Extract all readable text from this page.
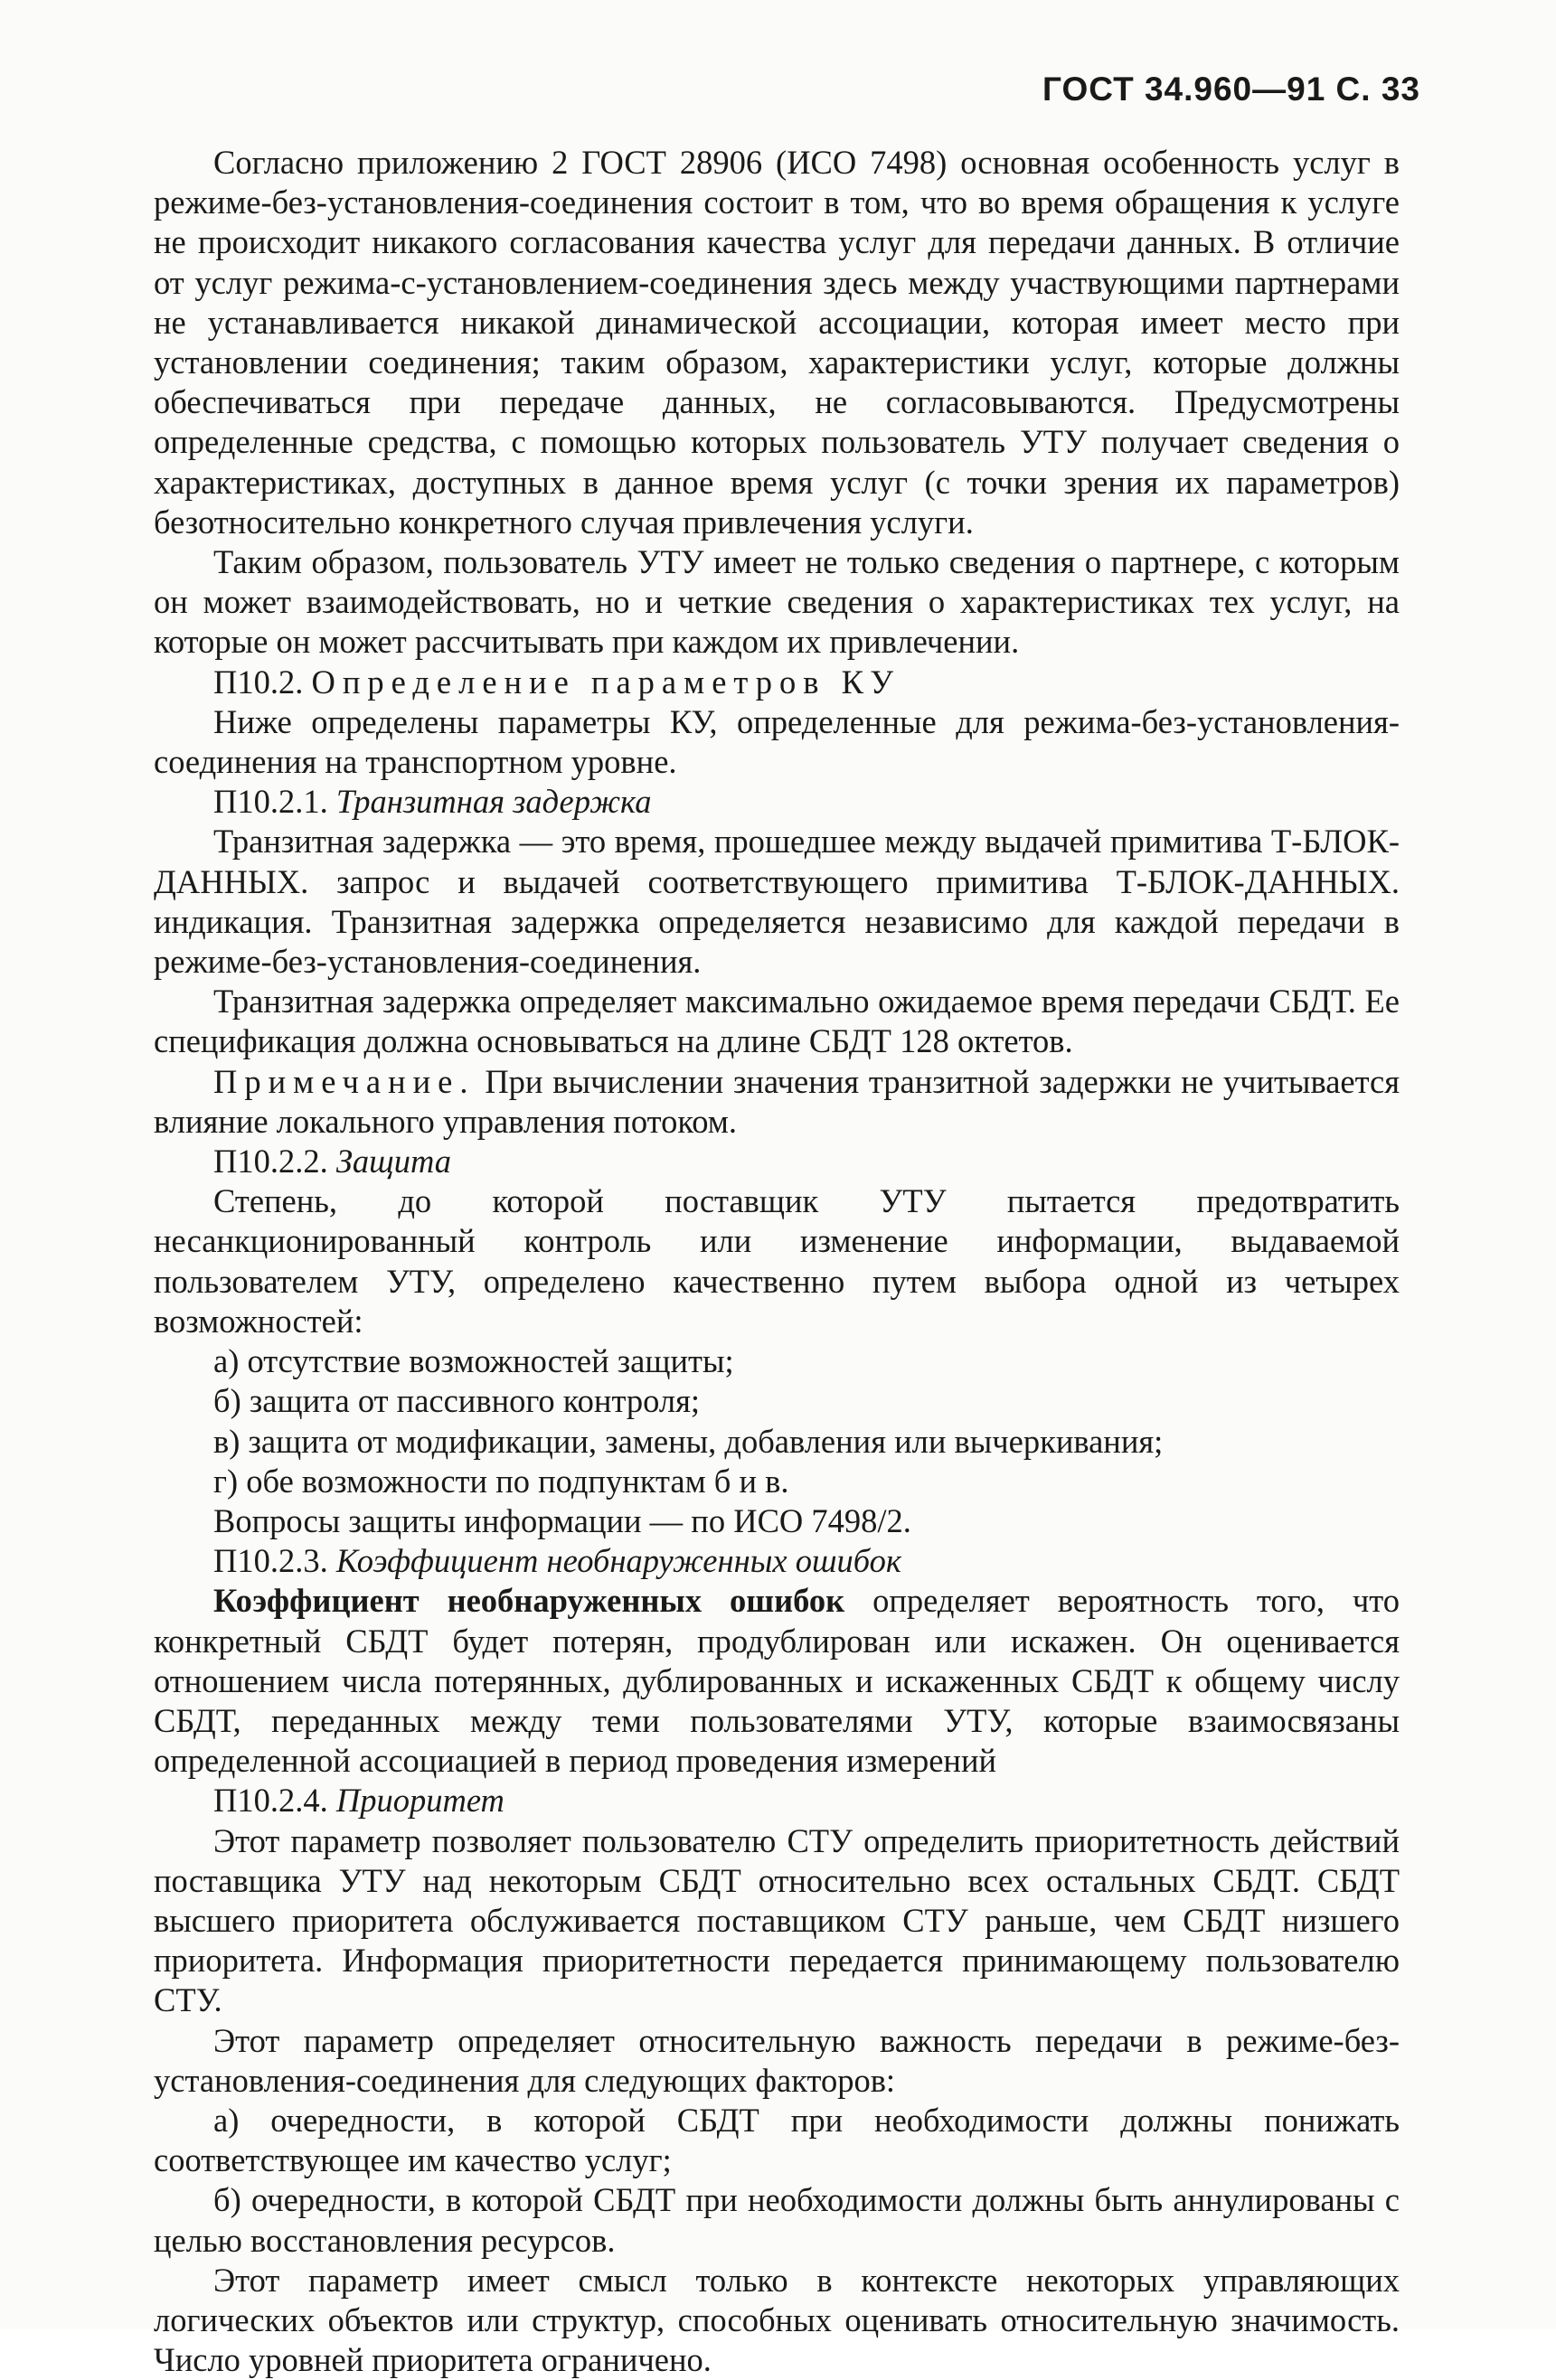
ГОСТ 34.960—91 С. 33

Согласно приложению 2 ГОСТ 28906 (ИСО 7498) основная особенность услуг в режиме-без-установления-соединения состоит в том, что во время обращения к услуге не происходит никакого согласования качества услуг для передачи данных. В отличие от услуг режима-с-установлением-соединения здесь между участвующими партнерами не устанавливается никакой динамической ассоциации, которая имеет место при установлении соединения; таким образом, характеристики услуг, которые должны обеспечиваться при передаче данных, не согласовываются. Предусмотрены определенные средства, с помощью которых пользователь УТУ получает сведения о характеристиках, доступных в данное время услуг (с точки зрения их параметров) безотносительно конкретного случая привлечения услуги.

Таким образом, пользователь УТУ имеет не только сведения о партнере, с которым он может взаимодействовать, но и четкие сведения о характеристиках тех услуг, на которые он может рассчитывать при каждом их привлечении.

П10.2. Определение параметров КУ

Ниже определены параметры КУ, определенные для режима-без-установления-соединения на транспортном уровне.

П10.2.1. Транзитная задержка

Транзитная задержка — это время, прошедшее между выдачей примитива Т-БЛОК-ДАННЫХ. запрос и выдачей соответствующего примитива Т-БЛОК-ДАННЫХ. индикация. Транзитная задержка определяется независимо для каждой передачи в режиме-без-установления-соединения.

Транзитная задержка определяет максимально ожидаемое время передачи СБДТ. Ее спецификация должна основываться на длине СБДТ 128 октетов.

Примечание. При вычислении значения транзитной задержки не учитывается влияние локального управления потоком.

П10.2.2. Защита

Степень, до которой поставщик УТУ пытается предотвратить несанкционированный контроль или изменение информации, выдаваемой пользователем УТУ, определено качественно путем выбора одной из четырех возможностей:

а) отсутствие возможностей защиты;

б) защита от пассивного контроля;

в) защита от модификации, замены, добавления или вычеркивания;

г) обе возможности по подпунктам б и в.

Вопросы защиты информации — по ИСО 7498/2.

П10.2.3. Коэффициент необнаруженных ошибок

Коэффициент необнаруженных ошибок определяет вероятность того, что конкретный СБДТ будет потерян, продублирован или искажен. Он оценивается отношением числа потерянных, дублированных и искаженных СБДТ к общему числу СБДТ, переданных между теми пользователями УТУ, которые взаимосвязаны определенной ассоциацией в период проведения измерений

П10.2.4. Приоритет

Этот параметр позволяет пользователю СТУ определить приоритетность действий поставщика УТУ над некоторым СБДТ относительно всех остальных СБДТ. СБДТ высшего приоритета обслуживается поставщиком СТУ раньше, чем СБДТ низшего приоритета. Информация приоритетности передается принимающему пользователю СТУ.

Этот параметр определяет относительную важность передачи в режиме-без-установления-соединения для следующих факторов:

а) очередности, в которой СБДТ при необходимости должны понижать соответствующее им качество услуг;

б) очередности, в которой СБДТ при необходимости должны быть аннулированы с целью восстановления ресурсов.

Этот параметр имеет смысл только в контексте некоторых управляющих логических объектов или структур, способных оценивать относительную значимость. Число уровней приоритета ограничено.
